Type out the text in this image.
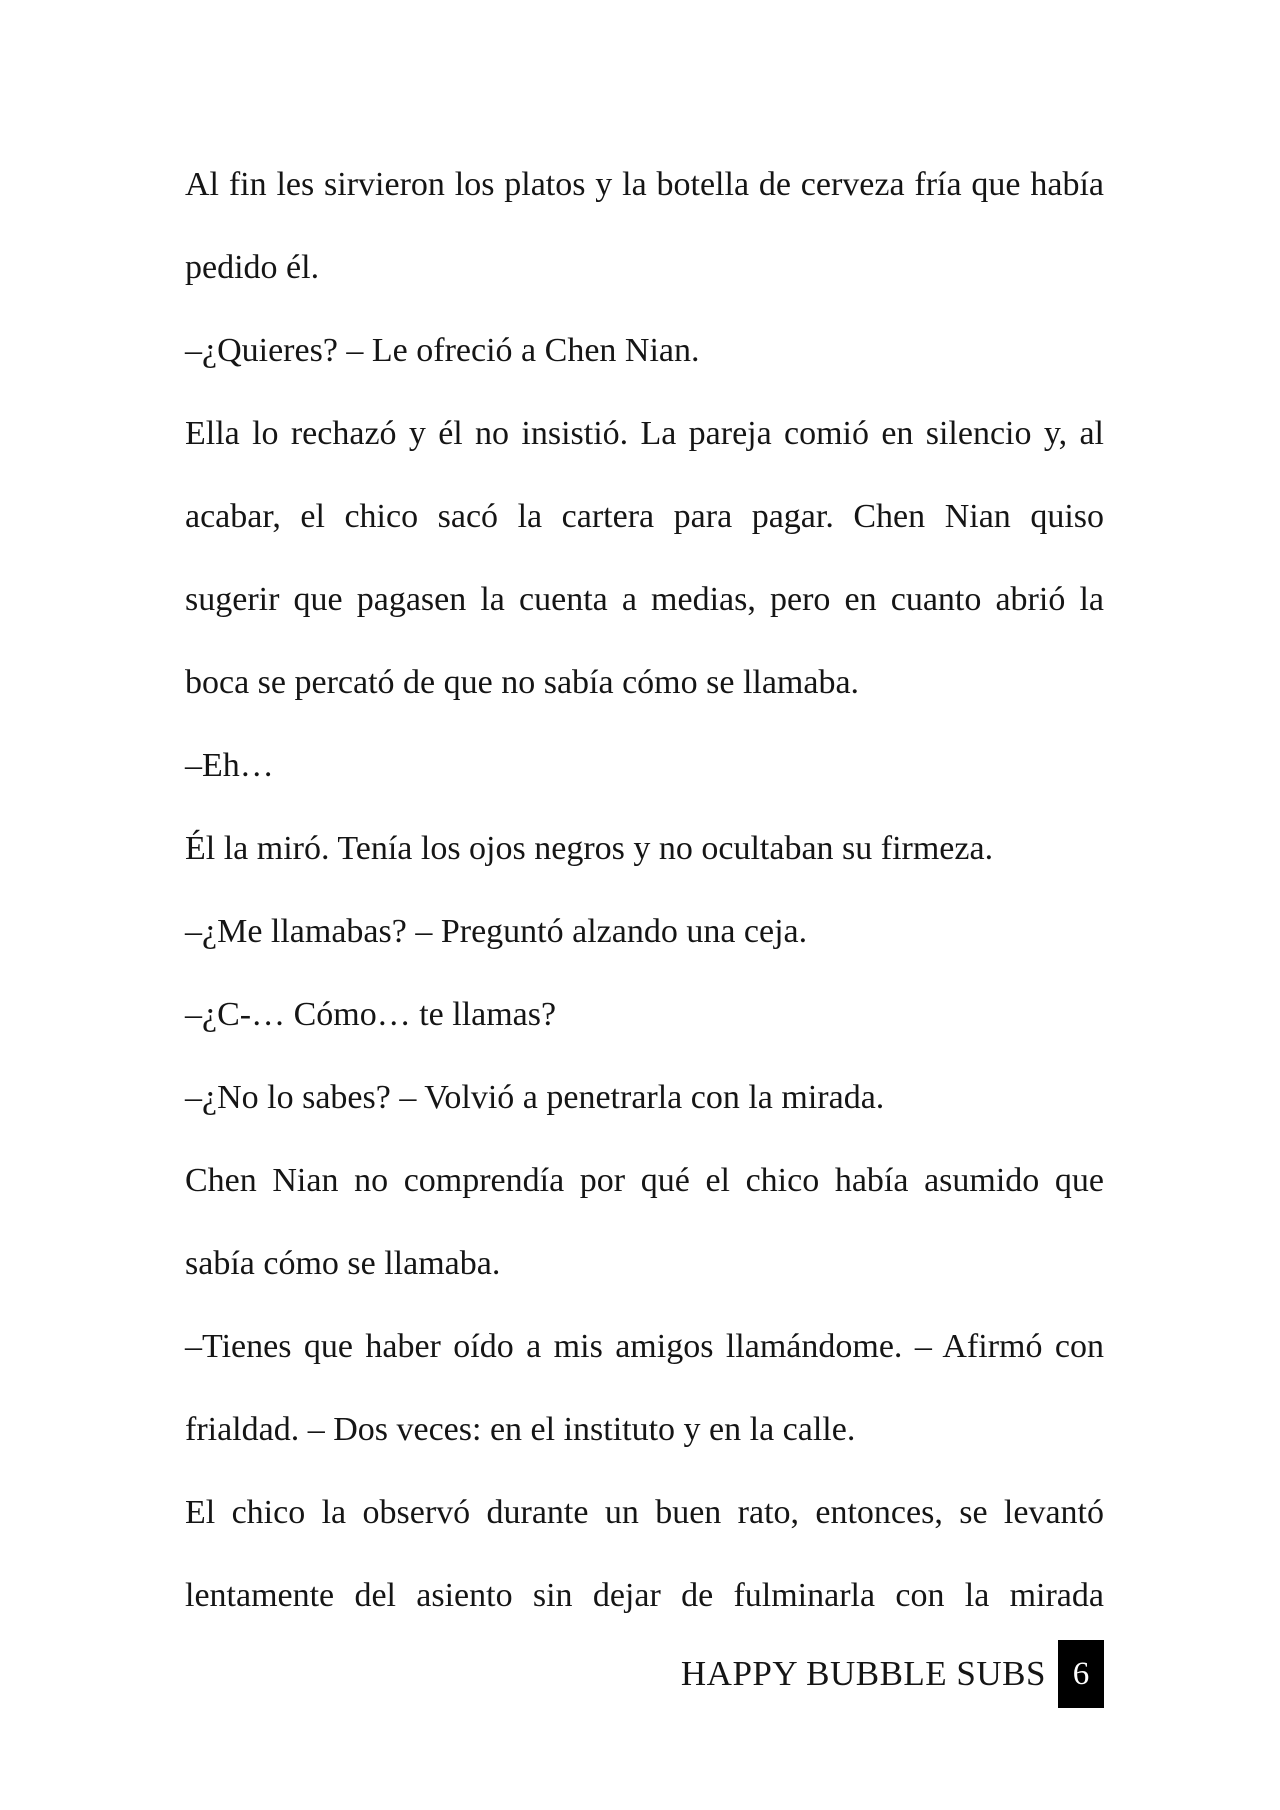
Al fin les sirvieron los platos y la botella de cerveza fría que había

pedido él.

–¿Quieres? – Le ofreció a Chen Nian.

Ella lo rechazó y él no insistió. La pareja comió en silencio y, al

acabar, el chico sacó la cartera para pagar. Chen Nian quiso

sugerir que pagasen la cuenta a medias, pero en cuanto abrió la

boca se percató de que no sabía cómo se llamaba.

–Eh…

Él la miró. Tenía los ojos negros y no ocultaban su firmeza.

–¿Me llamabas? – Preguntó alzando una ceja.

–¿C-… Cómo… te llamas?

–¿No lo sabes? – Volvió a penetrarla con la mirada.

Chen Nian no comprendía por qué el chico había asumido que

sabía cómo se llamaba.

–Tienes que haber oído a mis amigos llamándome. – Afirmó con

frialdad. – Dos veces: en el instituto y en la calle.

El chico la observó durante un buen rato, entonces, se levantó

lentamente del asiento sin dejar de fulminarla con la mirada

HAPPY BUBBLE SUBS 6
